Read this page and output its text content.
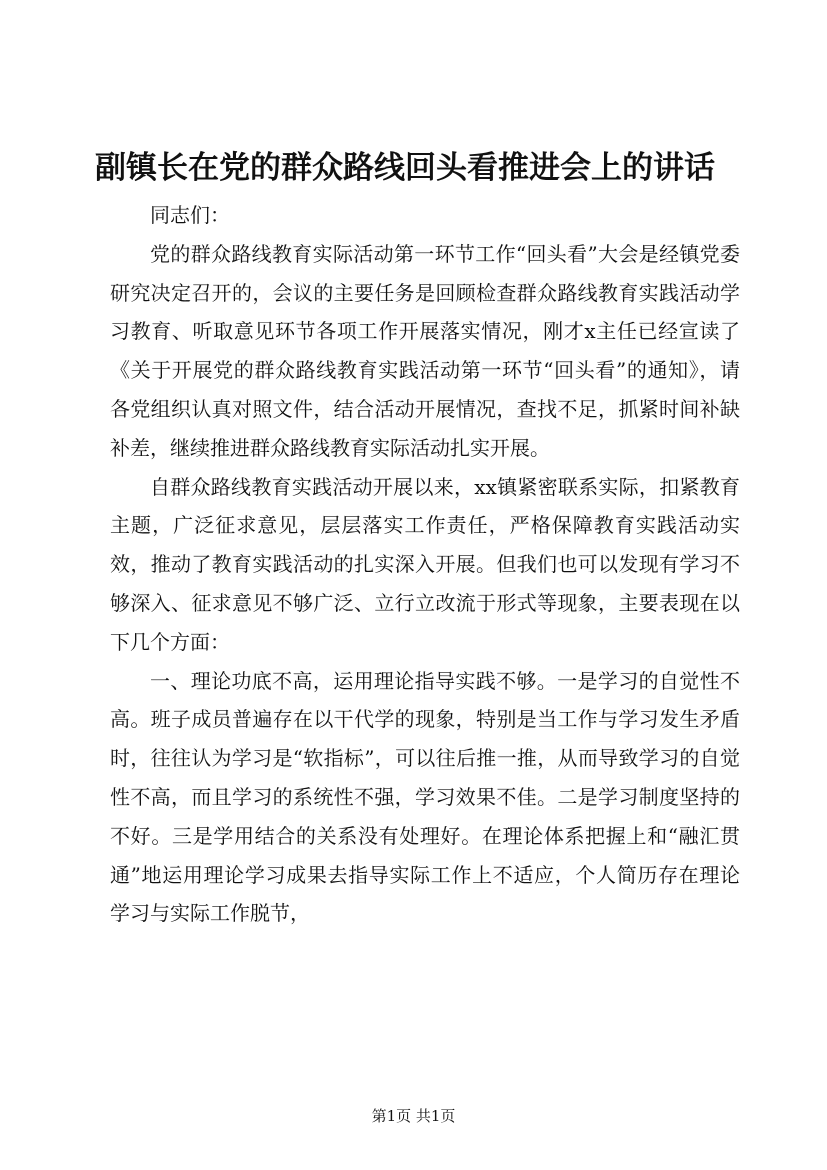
副镇长在党的群众路线回头看推进会上的讲话

同志们：

党的群众路线教育实际活动第一环节工作“回头看”大会是经镇党委研究决定召开的，会议的主要任务是回顾检查群众路线教育实践活动学习教育、听取意见环节各项工作开展落实情况，刚才x主任已经宣读了《关于开展党的群众路线教育实践活动第一环节“回头看”的通知》，请各党组织认真对照文件，结合活动开展情况，查找不足，抓紧时间补缺补差，继续推进群众路线教育实际活动扎实开展。

自群众路线教育实践活动开展以来，xx镇紧密联系实际，扣紧教育主题，广泛征求意见，层层落实工作责任，严格保障教育实践活动实效，推动了教育实践活动的扎实深入开展。但我们也可以发现有学习不够深入、征求意见不够广泛、立行立改流于形式等现象，主要表现在以下几个方面：

一、理论功底不高，运用理论指导实践不够。一是学习的自觉性不高。班子成员普遍存在以干代学的现象，特别是当工作与学习发生矛盾时，往往认为学习是“软指标”，可以往后推一推，从而导致学习的自觉性不高，而且学习的系统性不强，学习效果不佳。二是学习制度坚持的不好。三是学用结合的关系没有处理好。在理论体系把握上和“融汇贯通”地运用理论学习成果去指导实际工作上不适应，个人简历存在理论学习与实际工作脱节，

第1页 共1页
